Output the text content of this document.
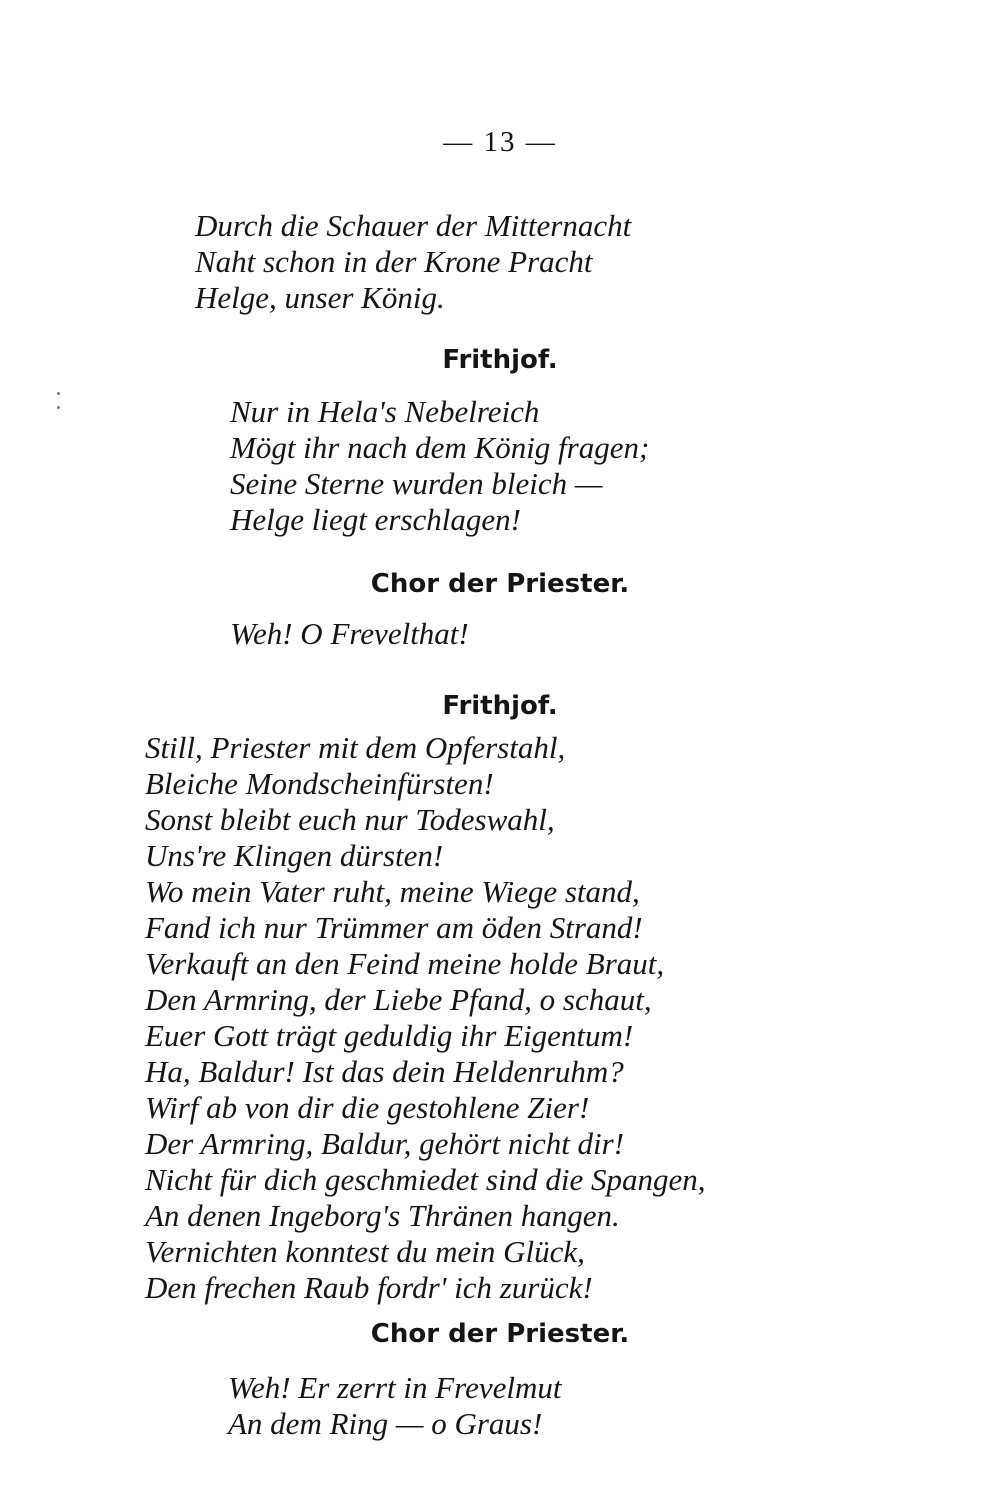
— 13 —
Durch die Schauer der Mitternacht
Naht schon in der Krone Pracht
Helge, unser König.
Frithjof.
Nur in Hela's Nebelreich
Mögt ihr nach dem König fragen;
Seine Sterne wurden bleich —
Helge liegt erschlagen!
Chor der Priester.
Weh! O Frevelthat!
Frithjof.
Still, Priester mit dem Opferstahl,
Bleiche Mondscheinfürsten!
Sonst bleibt euch nur Todeswahl,
Uns're Klingen dürsten!
Wo mein Vater ruht, meine Wiege stand,
Fand ich nur Trümmer am öden Strand!
Verkauft an den Feind meine holde Braut,
Den Armring, der Liebe Pfand, o schaut,
Euer Gott trägt geduldig ihr Eigentum!
Ha, Baldur! Ist das dein Heldenruhm?
Wirf ab von dir die gestohlene Zier!
Der Armring, Baldur, gehört nicht dir!
Nicht für dich geschmiedet sind die Spangen,
An denen Ingeborg's Thränen hangen.
Vernichten konntest du mein Glück,
Den frechen Raub fordr' ich zurück!
Chor der Priester.
Weh! Er zerrt in Frevelmut
An dem Ring — o Graus!
